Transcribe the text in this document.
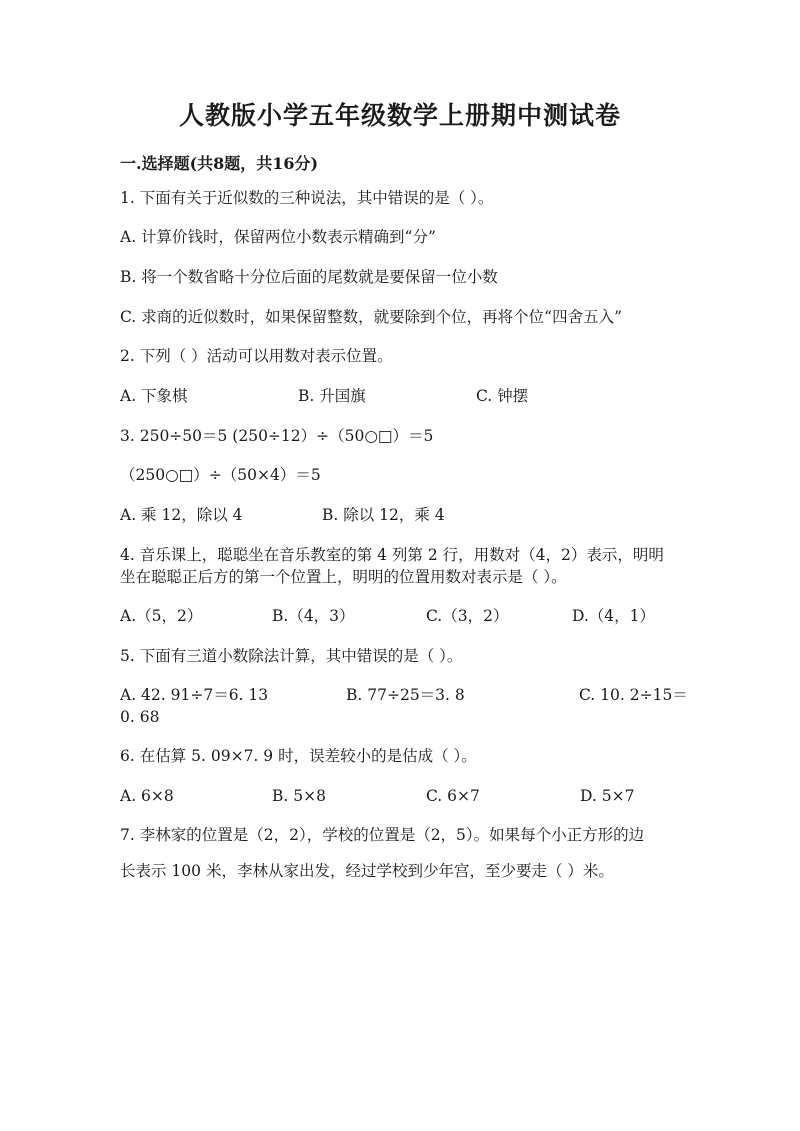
人教版小学五年级数学上册期中测试卷
一.选择题(共8题，共16分)
1. 下面有关于近似数的三种说法，其中错误的是（ ）。
A. 计算价钱时，保留两位小数表示精确到“分”
B. 将一个数省略十分位后面的尾数就是要保留一位小数
C. 求商的近似数时，如果保留整数，就要除到个位，再将个位“四舍五入”
2. 下列（ ）活动可以用数对表示位置。
A. 下象棋	B. 升国旗	C. 钟摆
3. 250÷50＝5 (250÷12）÷（50○□）＝5
（250○□）÷（50×4）＝5
A. 乘 12，除以 4	B. 除以 12，乘 4
4. 音乐课上，聪聪坐在音乐教室的第 4 列第 2 行，用数对（4，2）表示，明明
坐在聪聪正后方的第一个位置上，明明的位置用数对表示是（ ）。
A.（5，2）	B.（4，3）	C.（3，2）	D.（4，1）
5. 下面有三道小数除法计算，其中错误的是（ ）。
A. 42. 91÷7＝6. 13	B. 77÷25＝3. 8	C. 10. 2÷15＝
0. 68
6. 在估算 5. 09×7. 9 时，误差较小的是估成（ ）。
A. 6×8	B. 5×8	C. 6×7	D. 5×7
7. 李林家的位置是（2，2），学校的位置是（2，5）。如果每个小正方形的边
长表示 100 米，李林从家出发，经过学校到少年宫，至少要走（ ）米。
